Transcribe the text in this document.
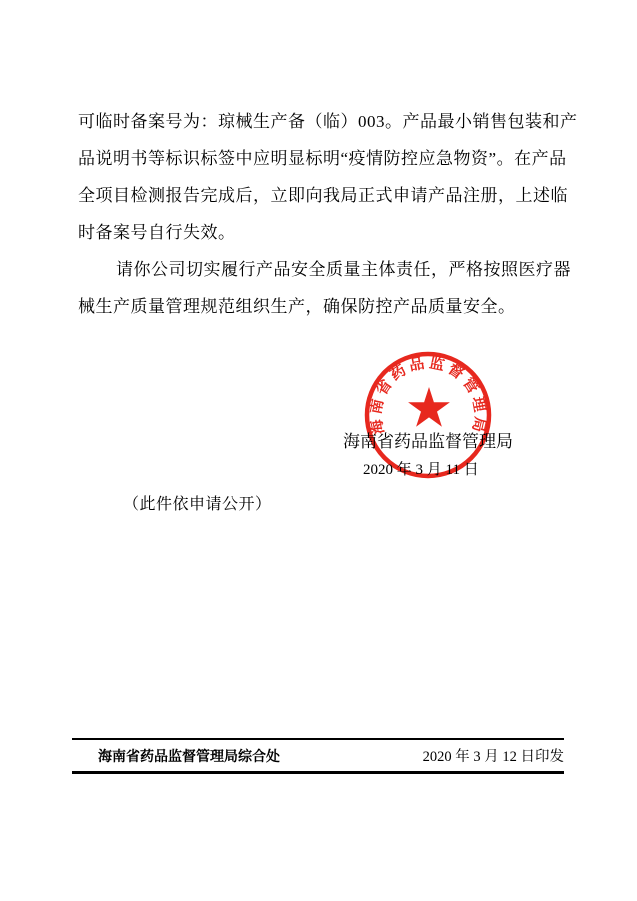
可临时备案号为：琼械生产备（临）003。产品最小销售包装和产
品说明书等标识标签中应明显标明“疫情防控应急物资”。在产品
全项目检测报告完成后，立即向我局正式申请产品注册，上述临
时备案号自行失效。
请你公司切实履行产品安全质量主体责任，严格按照医疗器
械生产质量管理规范组织生产，确保防控产品质量安全。
海南省药品监督管理局
海南省药品监督管理局
2020 年 3 月 11 日
（此件依申请公开）
海南省药品监督管理局综合处	2020 年 3 月 12 日印发
